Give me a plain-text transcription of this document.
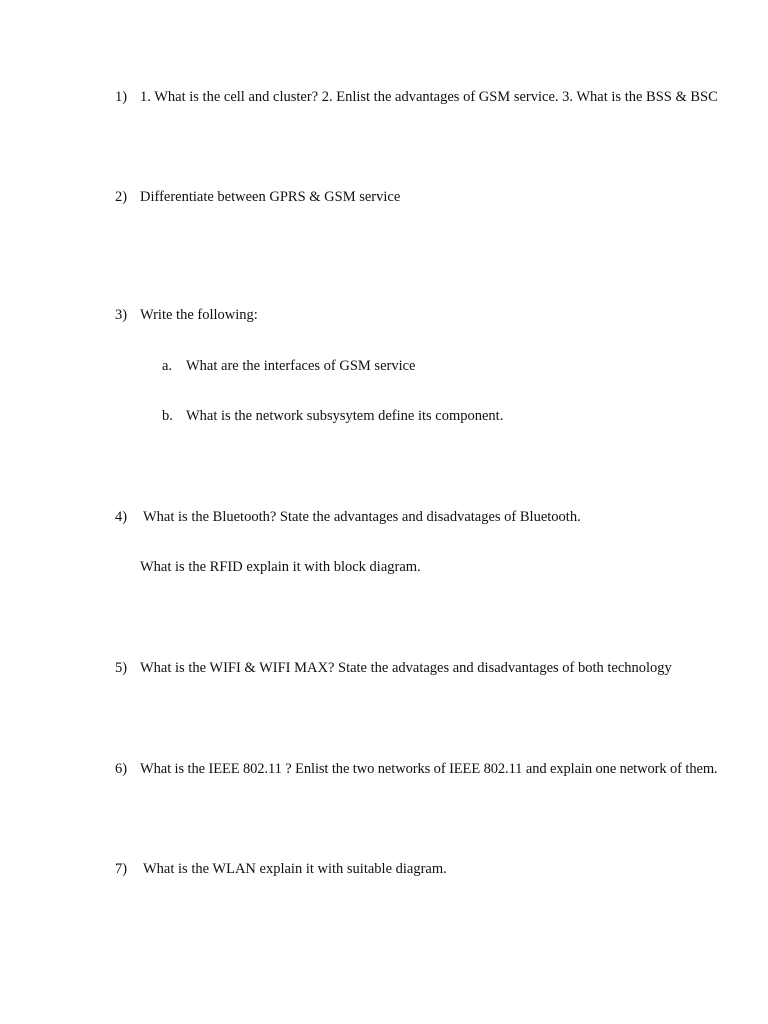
1) 1. What is the cell and cluster? 2. Enlist the advantages of GSM service. 3. What is the BSS & BSC
2) Differentiate between GPRS & GSM service
3) Write the following:
a. What are the interfaces of GSM service
b. What is the network subsysytem define its component.
4) What is the Bluetooth? State the advantages and disadvatages of Bluetooth.
What is the RFID explain it with block diagram.
5) What is the WIFI & WIFI MAX? State the advatages and disadvantages of both technology
6) What is the IEEE 802.11 ? Enlist the two networks of IEEE 802.11 and explain one network of them.
7) What is the WLAN explain it with suitable diagram.
